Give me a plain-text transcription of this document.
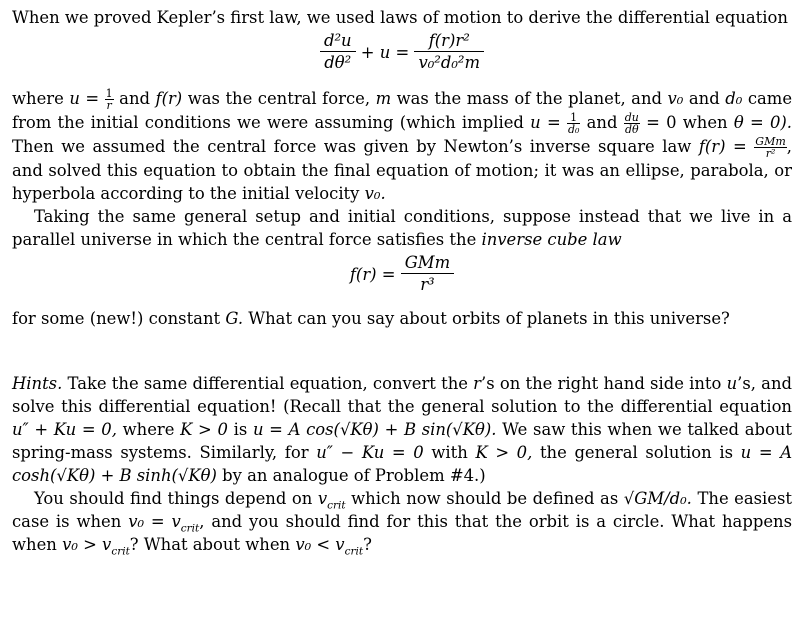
When we proved Kepler’s first law, we used laws of motion to derive the differential equation

$\frac{\text{d²u}}{\text{dθ²}} + u = \frac{\text{f(r)r²}}{\text{v₀²d₀²m}}$

where $u = \frac{1}{r}$ and f(r) was the central force, m was the mass of the planet, and v₀ and d₀ came from the initial conditions we were assuming (which implied $u = \frac{1}{\text{d₀}}$ and $\frac{du}{d\theta} = 0$ when θ = 0). Then we assumed the central force was given by Newton’s inverse square law $f(r) = \frac{\text{GMm}}{\text{r²}}$ , and solved this equation to obtain the final equation of motion; it was an ellipse, parabola, or hyperbola according to the initial velocity v₀.

Taking the same general setup and initial conditions, suppose instead that we live in a parallel universe in which the central force satisfies the inverse cube law

$f(r) = \frac{\text{GMm}}{\text{r³}}$

for some (new!) constant G. What can you say about orbits of planets in this universe?

Hints. Take the same differential equation, convert the r’s on the right hand side into u’s, and solve this differential equation! (Recall that the general solution to the differential equation u″ + Ku = 0, where K > 0 is u = A cos(√Kθ) + B sin(√Kθ). We saw this when we talked about spring-mass systems. Similarly, for u″ − Ku = 0 with K > 0, the general solution is u = A cosh(√Kθ) + B sinh(√Kθ) by an analogue of Problem #4.)

You should find things depend on $v_{crit}$ which now should be defined as √GM/d₀. The easiest case is when $v_0 = v_{crit}$, and you should find for this that the orbit is a circle. What happens when $v_0 > v_{crit}$? What about when $v_0 < v_{crit}$?
